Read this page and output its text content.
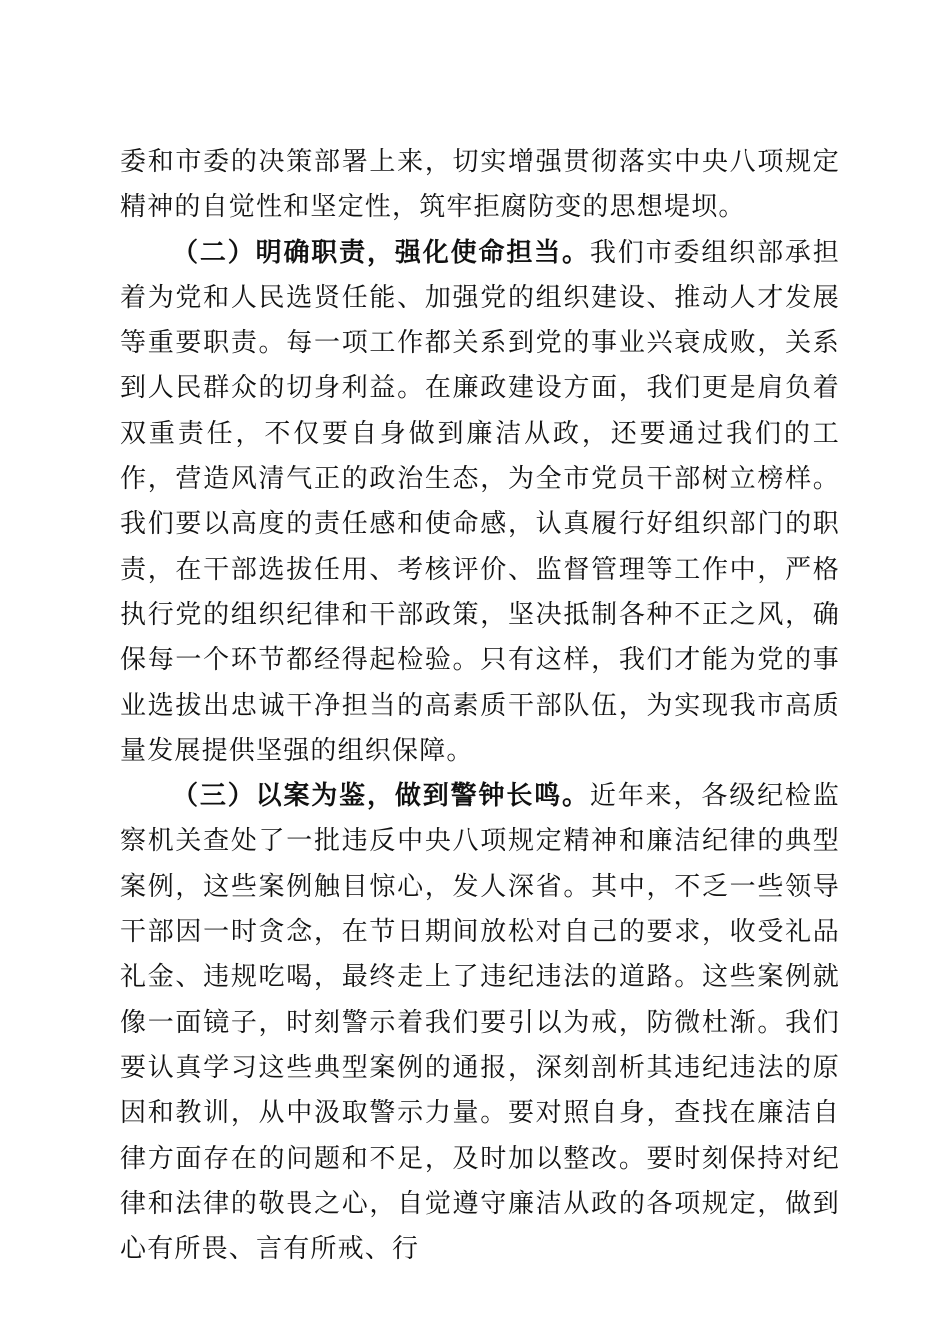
委和市委的决策部署上来，切实增强贯彻落实中央八项规定精神的自觉性和坚定性，筑牢拒腐防变的思想堤坝。

（二）明确职责，强化使命担当。我们市委组织部承担着为党和人民选贤任能、加强党的组织建设、推动人才发展等重要职责。每一项工作都关系到党的事业兴衰成败，关系到人民群众的切身利益。在廉政建设方面，我们更是肩负着双重责任，不仅要自身做到廉洁从政，还要通过我们的工作，营造风清气正的政治生态，为全市党员干部树立榜样。我们要以高度的责任感和使命感，认真履行好组织部门的职责，在干部选拔任用、考核评价、监督管理等工作中，严格执行党的组织纪律和干部政策，坚决抵制各种不正之风，确保每一个环节都经得起检验。只有这样，我们才能为党的事业选拔出忠诚干净担当的高素质干部队伍，为实现我市高质量发展提供坚强的组织保障。

（三）以案为鉴，做到警钟长鸣。近年来，各级纪检监察机关查处了一批违反中央八项规定精神和廉洁纪律的典型案例，这些案例触目惊心，发人深省。其中，不乏一些领导干部因一时贪念，在节日期间放松对自己的要求，收受礼品礼金、违规吃喝，最终走上了违纪违法的道路。这些案例就像一面镜子，时刻警示着我们要引以为戒，防微杜渐。我们要认真学习这些典型案例的通报，深刻剖析其违纪违法的原因和教训，从中汲取警示力量。要对照自身，查找在廉洁自律方面存在的问题和不足，及时加以整改。要时刻保持对纪律和法律的敬畏之心，自觉遵守廉洁从政的各项规定，做到心有所畏、言有所戒、行
